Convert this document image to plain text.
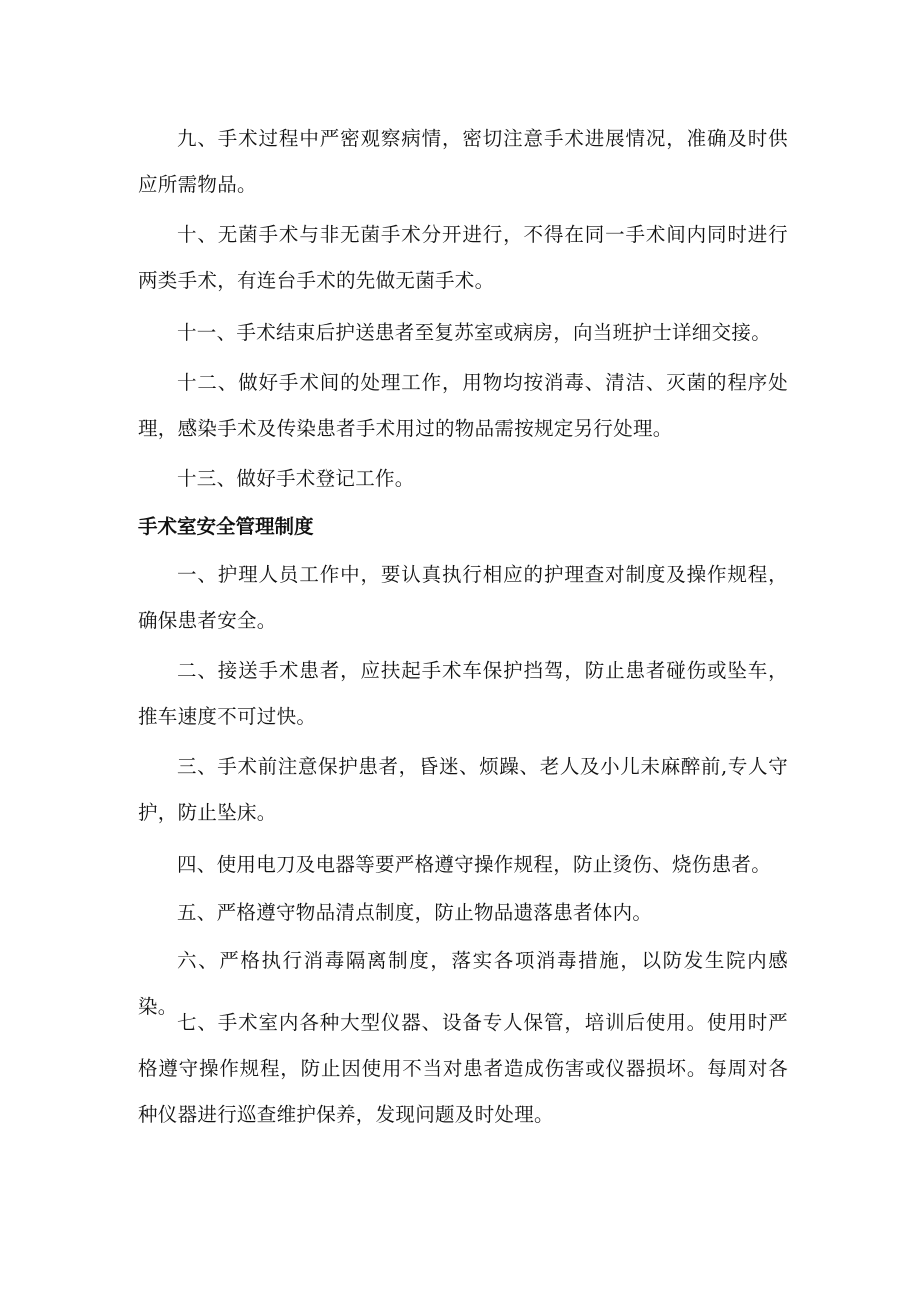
九、手术过程中严密观察病情，密切注意手术进展情况，准确及时供应所需物品。

十、无菌手术与非无菌手术分开进行，不得在同一手术间内同时进行两类手术，有连台手术的先做无菌手术。

十一、手术结束后护送患者至复苏室或病房，向当班护士详细交接。

十二、做好手术间的处理工作，用物均按消毒、清洁、灭菌的程序处理，感染手术及传染患者手术用过的物品需按规定另行处理。

十三、做好手术登记工作。

手术室安全管理制度

一、护理人员工作中，要认真执行相应的护理查对制度及操作规程，确保患者安全。

二、接送手术患者，应扶起手术车保护挡驾，防止患者碰伤或坠车，推车速度不可过快。

三、手术前注意保护患者，昏迷、烦躁、老人及小儿未麻醉前,专人守护，防止坠床。

四、使用电刀及电器等要严格遵守操作规程，防止烫伤、烧伤患者。

五、严格遵守物品清点制度，防止物品遗落患者体内。

六、严格执行消毒隔离制度，落实各项消毒措施，以防发生院内感染。

七、手术室内各种大型仪器、设备专人保管，培训后使用。使用时严格遵守操作规程，防止因使用不当对患者造成伤害或仪器损坏。每周对各种仪器进行巡查维护保养，发现问题及时处理。
